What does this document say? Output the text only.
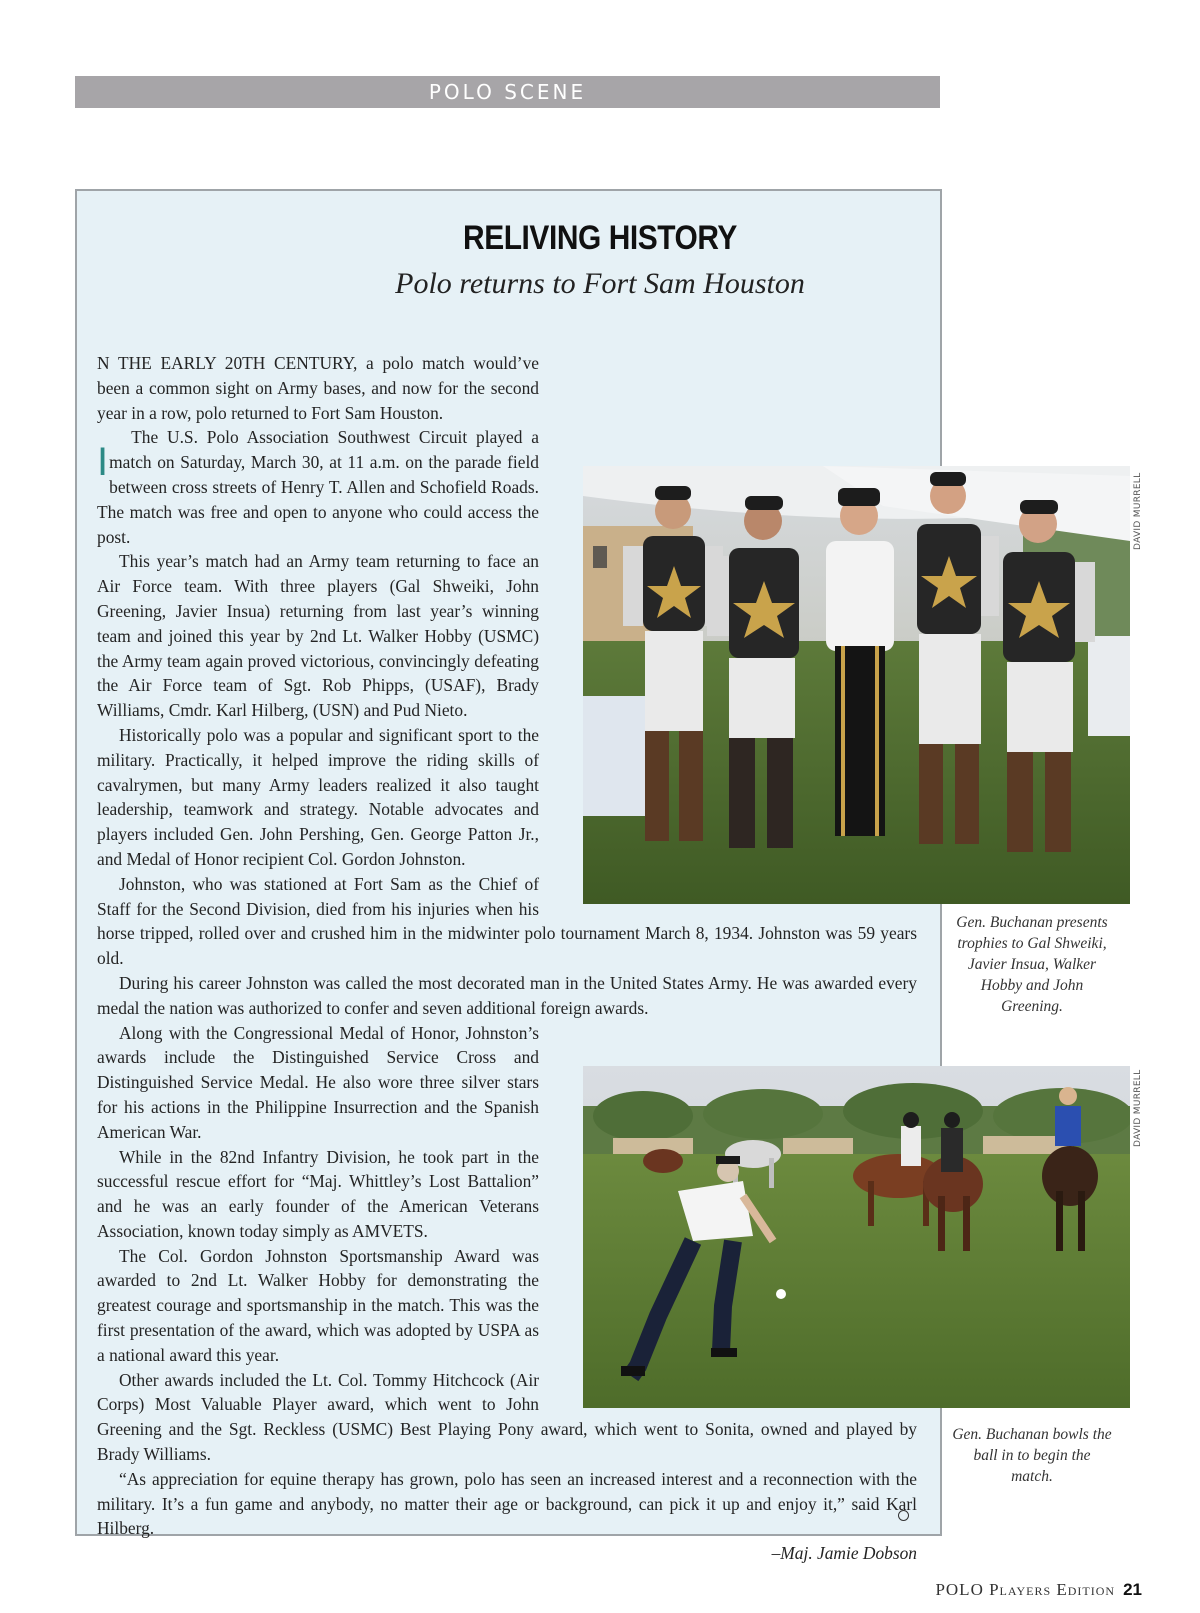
POLO SCENE
RELIVING HISTORY
Polo returns to Fort Sam Houston

I
N THE EARLY 20TH CENTURY, a polo match would’ve been a common sight on Army bases, and now for the second year in a row, polo returned to Fort Sam Houston.

The U.S. Polo Association Southwest Circuit played a match on Saturday, March 30, at 11 a.m. on the parade field between cross streets of Henry T. Allen and Schofield Roads. The match was free and open to anyone who could access the post.

This year’s match had an Army team returning to face an Air Force team. With three players (Gal Shweiki, John Greening, Javier Insua) returning from last year’s winning team and joined this year by 2nd Lt. Walker Hobby (USMC) the Army team again proved victorious, convincingly defeating the Air Force team of Sgt. Rob Phipps, (USAF), Brady Williams, Cmdr. Karl Hilberg, (USN) and Pud Nieto.

Historically polo was a popular and significant sport to the military. Practically, it helped improve the riding skills of cavalrymen, but many Army leaders realized it also taught leadership, teamwork and strategy. Notable advocates and players included Gen. John Pershing, Gen. George Patton Jr., and Medal of Honor recipient Col. Gordon Johnston.

Johnston, who was stationed at Fort Sam as the Chief of Staff for the Second Division, died from his injuries when his horse tripped, rolled over and crushed him in the midwinter polo tournament March 8, 1934. Johnston was 59 years old.

During his career Johnston was called the most decorated man in the United States Army. He was awarded every medal the nation was authorized to confer and seven additional foreign awards.

Along with the Congressional Medal of Honor, Johnston’s awards include the Distinguished Service Cross and Distinguished Service Medal. He also wore three silver stars for his actions in the Philippine Insurrection and the Spanish American War.

While in the 82nd Infantry Division, he took part in the successful rescue effort for “Maj. Whittley’s Lost Battalion” and he was an early founder of the American Veterans Association, known today simply as AMVETS.

The Col. Gordon Johnston Sportsmanship Award was awarded to 2nd Lt. Walker Hobby for demonstrating the greatest courage and sportsmanship in the match. This was the first presentation of the award, which was adopted by USPA as a national award this year.

Other awards included the Lt. Col. Tommy Hitchcock (Air Corps) Most Valuable Player award, which went to John Greening and the Sgt. Reckless (USMC) Best Playing Pony award, which went to Sonita, owned and played by Brady Williams.

“As appreciation for equine therapy has grown, polo has seen an increased interest and a reconnection with the military. It’s a fun game and anybody, no matter their age or background, can pick it up and enjoy it,” said Karl Hilberg.

–Maj. Jamie Dobson
DAVID MURRELL
Gen. Buchanan presents trophies to Gal Shweiki, Javier Insua, Walker Hobby and John Greening.
DAVID MURRELL
Gen. Buchanan bowls the ball in to begin the match.
POLO Players Edition 21
